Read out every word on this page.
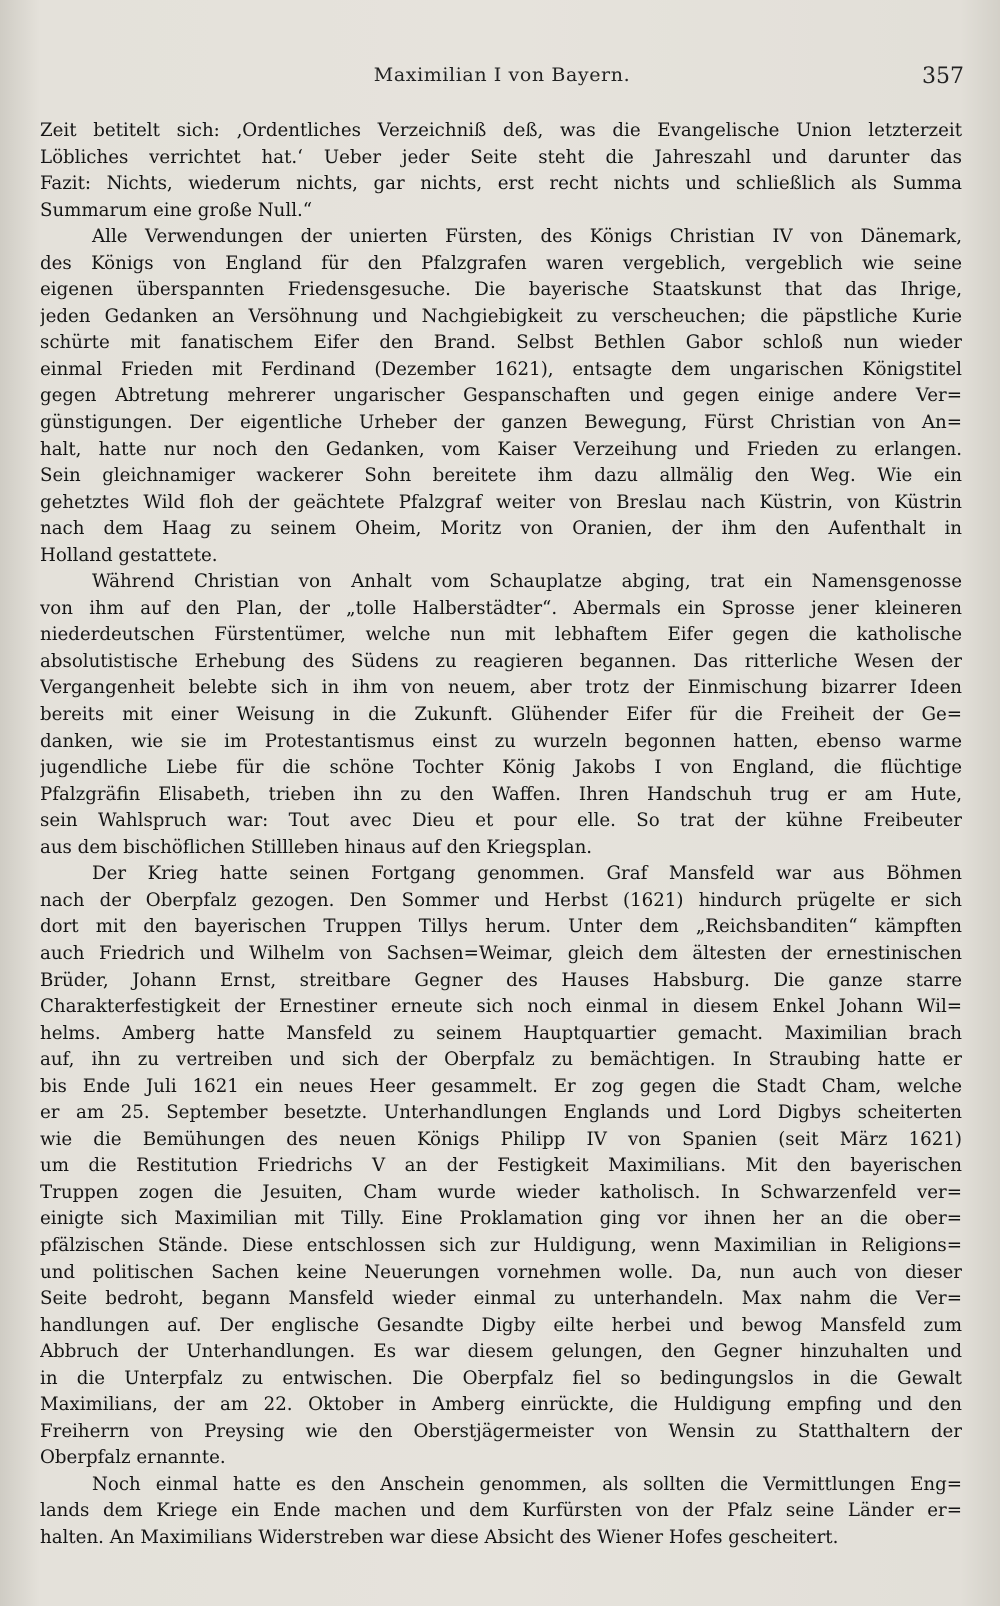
Maximilian I von Bayern.	357
Zeit betitelt sich: ‚Ordentliches Verzeichniß deß, was die Evangelische Union letzterzeit
Löbliches verrichtet hat.‘ Ueber jeder Seite steht die Jahreszahl und darunter das
Fazit: Nichts, wiederum nichts, gar nichts, erst recht nichts und schließlich als Summa
Summarum eine große Null.“
Alle Verwendungen der unierten Fürsten, des Königs Christian IV von Dänemark,
des Königs von England für den Pfalzgrafen waren vergeblich, vergeblich wie seine
eigenen überspannten Friedensgesuche. Die bayerische Staatskunst that das Ihrige,
jeden Gedanken an Versöhnung und Nachgiebigkeit zu verscheuchen; die päpstliche Kurie
schürte mit fanatischem Eifer den Brand. Selbst Bethlen Gabor schloß nun wieder
einmal Frieden mit Ferdinand (Dezember 1621), entsagte dem ungarischen Königstitel
gegen Abtretung mehrerer ungarischer Gespanschaften und gegen einige andere Ver=
günstigungen. Der eigentliche Urheber der ganzen Bewegung, Fürst Christian von An=
halt, hatte nur noch den Gedanken, vom Kaiser Verzeihung und Frieden zu erlangen.
Sein gleichnamiger wackerer Sohn bereitete ihm dazu allmälig den Weg. Wie ein
gehetztes Wild floh der geächtete Pfalzgraf weiter von Breslau nach Küstrin, von Küstrin
nach dem Haag zu seinem Oheim, Moritz von Oranien, der ihm den Aufenthalt in
Holland gestattete.
Während Christian von Anhalt vom Schauplatze abging, trat ein Namensgenosse
von ihm auf den Plan, der „tolle Halberstädter“. Abermals ein Sprosse jener kleineren
niederdeutschen Fürstentümer, welche nun mit lebhaftem Eifer gegen die katholische
absolutistische Erhebung des Südens zu reagieren begannen. Das ritterliche Wesen der
Vergangenheit belebte sich in ihm von neuem, aber trotz der Einmischung bizarrer Ideen
bereits mit einer Weisung in die Zukunft. Glühender Eifer für die Freiheit der Ge=
danken, wie sie im Protestantismus einst zu wurzeln begonnen hatten, ebenso warme
jugendliche Liebe für die schöne Tochter König Jakobs I von England, die flüchtige
Pfalzgräfin Elisabeth, trieben ihn zu den Waffen. Ihren Handschuh trug er am Hute,
sein Wahlspruch war: Tout avec Dieu et pour elle. So trat der kühne Freibeuter
aus dem bischöflichen Stillleben hinaus auf den Kriegsplan.
Der Krieg hatte seinen Fortgang genommen. Graf Mansfeld war aus Böhmen
nach der Oberpfalz gezogen. Den Sommer und Herbst (1621) hindurch prügelte er sich
dort mit den bayerischen Truppen Tillys herum. Unter dem „Reichsbanditen“ kämpften
auch Friedrich und Wilhelm von Sachsen=Weimar, gleich dem ältesten der ernestinischen
Brüder, Johann Ernst, streitbare Gegner des Hauses Habsburg. Die ganze starre
Charakterfestigkeit der Ernestiner erneute sich noch einmal in diesem Enkel Johann Wil=
helms. Amberg hatte Mansfeld zu seinem Hauptquartier gemacht. Maximilian brach
auf, ihn zu vertreiben und sich der Oberpfalz zu bemächtigen. In Straubing hatte er
bis Ende Juli 1621 ein neues Heer gesammelt. Er zog gegen die Stadt Cham, welche
er am 25. September besetzte. Unterhandlungen Englands und Lord Digbys scheiterten
wie die Bemühungen des neuen Königs Philipp IV von Spanien (seit März 1621)
um die Restitution Friedrichs V an der Festigkeit Maximilians. Mit den bayerischen
Truppen zogen die Jesuiten, Cham wurde wieder katholisch. In Schwarzenfeld ver=
einigte sich Maximilian mit Tilly. Eine Proklamation ging vor ihnen her an die ober=
pfälzischen Stände. Diese entschlossen sich zur Huldigung, wenn Maximilian in Religions=
und politischen Sachen keine Neuerungen vornehmen wolle. Da, nun auch von dieser
Seite bedroht, begann Mansfeld wieder einmal zu unterhandeln. Max nahm die Ver=
handlungen auf. Der englische Gesandte Digby eilte herbei und bewog Mansfeld zum
Abbruch der Unterhandlungen. Es war diesem gelungen, den Gegner hinzuhalten und
in die Unterpfalz zu entwischen. Die Oberpfalz fiel so bedingungslos in die Gewalt
Maximilians, der am 22. Oktober in Amberg einrückte, die Huldigung empfing und den
Freiherrn von Preysing wie den Oberstjägermeister von Wensin zu Statthaltern der
Oberpfalz ernannte.
Noch einmal hatte es den Anschein genommen, als sollten die Vermittlungen Eng=
lands dem Kriege ein Ende machen und dem Kurfürsten von der Pfalz seine Länder er=
halten. An Maximilians Widerstreben war diese Absicht des Wiener Hofes gescheitert.
